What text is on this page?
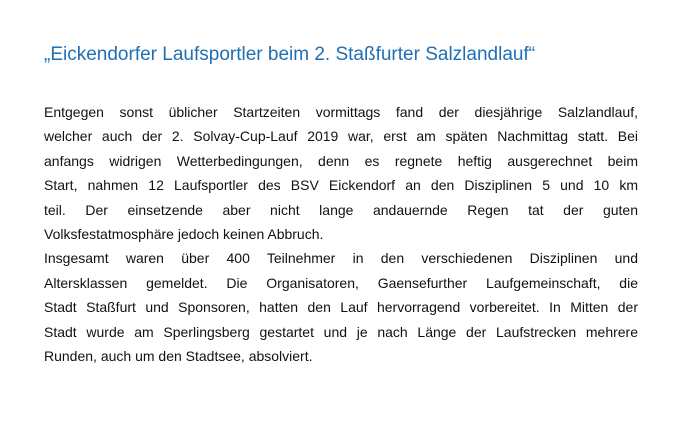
„Eickendorfer Laufsportler beim 2. Staßfurter Salzlandlauf“
Entgegen sonst üblicher Startzeiten vormittags fand der diesjährige Salzlandlauf,
welcher auch der 2. Solvay-Cup-Lauf 2019 war, erst am späten Nachmittag statt. Bei
anfangs widrigen Wetterbedingungen, denn es regnete heftig ausgerechnet beim
Start, nahmen 12 Laufsportler des BSV Eickendorf an den Disziplinen 5 und 10 km
teil. Der einsetzende aber nicht lange andauernde Regen tat der guten
Volksfestatmosphäre jedoch keinen Abbruch.
Insgesamt waren über 400 Teilnehmer in den verschiedenen Disziplinen und
Altersklassen gemeldet. Die Organisatoren, Gaensefurther Laufgemeinschaft, die
Stadt Staßfurt und Sponsoren, hatten den Lauf hervorragend vorbereitet. In Mitten der
Stadt wurde am Sperlingsberg gestartet und je nach Länge der Laufstrecken mehrere
Runden, auch um den Stadtsee, absolviert.
